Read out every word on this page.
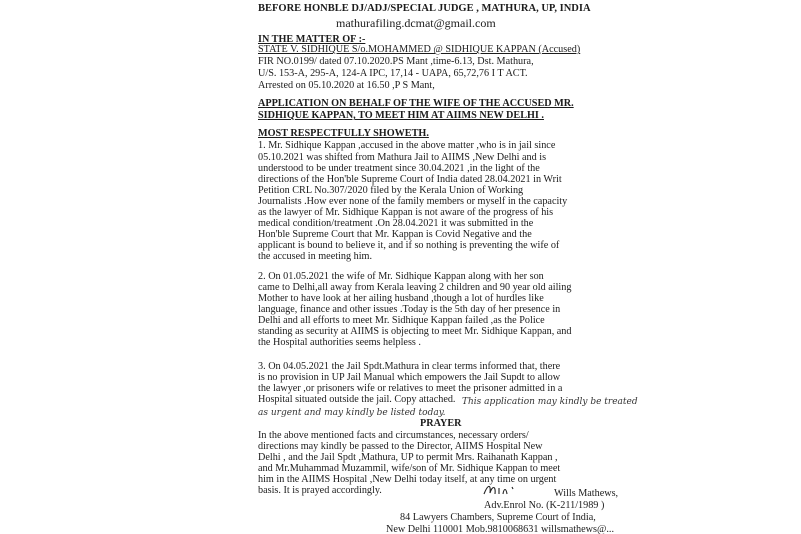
BEFORE HONBLE DJ/ADJ/SPECIAL JUDGE , MATHURA, UP, INDIA
mathurafiling.dcmat@gmail.com
IN THE MATTER OF :-
STATE V. SIDHIQUE S/o.MOHAMMED @ SIDHIQUE KAPPAN (Accused)
FIR NO.0199/ dated 07.10.2020.PS Mant ,time-6.13, Dst. Mathura,
U/S. 153-A, 295-A, 124-A IPC, 17,14 - UAPA, 65,72,76 I T ACT.
Arrested on 05.10.2020 at 16.50 ,P S Mant,
APPLICATION ON BEHALF OF THE WIFE OF THE ACCUSED MR.
SIDHIQUE KAPPAN, TO MEET HIM AT AIIMS NEW DELHI .
MOST RESPECTFULLY SHOWETH.
1. Mr. Sidhique Kappan ,accused in the above matter ,who is in jail since
05.10.2021 was shifted from Mathura Jail to AIIMS ,New Delhi and is
understood to be under treatment since 30.04.2021 ,in the light of the
directions of the Hon'ble Supreme Court of India dated 28.04.2021 in Writ
Petition CRL No.307/2020 filed by the Kerala Union of Working
Journalists .How ever none of the family members or myself in the capacity
as the lawyer of Mr. Sidhique Kappan is not aware of the progress of his
medical condition/treatment .On 28.04.2021 it was submitted in the
Hon'ble Supreme Court that Mr. Kappan is Covid Negative and the
applicant is bound to believe it, and if so nothing is preventing the wife of
the accused in meeting him.
2. On 01.05.2021 the wife of Mr. Sidhique Kappan along with her son
came to Delhi,all away from Kerala leaving 2 children and 90 year old ailing
Mother to have look at her ailing husband ,though a lot of hurdles like
language, finance and other issues .Today is the 5th day of her presence in
Delhi and all efforts to meet Mr. Sidhique Kappan failed ,as the Police
standing as security at AIIMS is objecting to meet Mr. Sidhique Kappan, and
the Hospital authorities seems helpless .
3. On 04.05.2021 the Jail Spdt.Mathura in clear terms informed that, there
is no provision in UP Jail Manual which empowers the Jail Supdt to allow
the lawyer ,or prisoners wife or relatives to meet the prisoner admitted in a
Hospital situated outside the jail. Copy attached. This application may kindly be treated
as urgent and may kindly be listed today.
PRAYER
In the above mentioned facts and circumstances, necessary orders/
directions may kindly be passed to the Director, AIIMS Hospital New
Delhi , and the Jail Spdt ,Mathura, UP to permit Mrs. Raihanath Kappan ,
and Mr.Muhammad Muzammil, wife/son of Mr. Sidhique Kappan to meet
him in the AIIMS Hospital ,New Delhi today itself, at any time on urgent
basis. It is prayed accordingly.	Wills Mathews,
Adv.Enrol No. (K-211/1989 )
84 Lawyers Chambers, Supreme Court of India,
New Delhi 110001 Mob.9810068631 willsmathews@...
